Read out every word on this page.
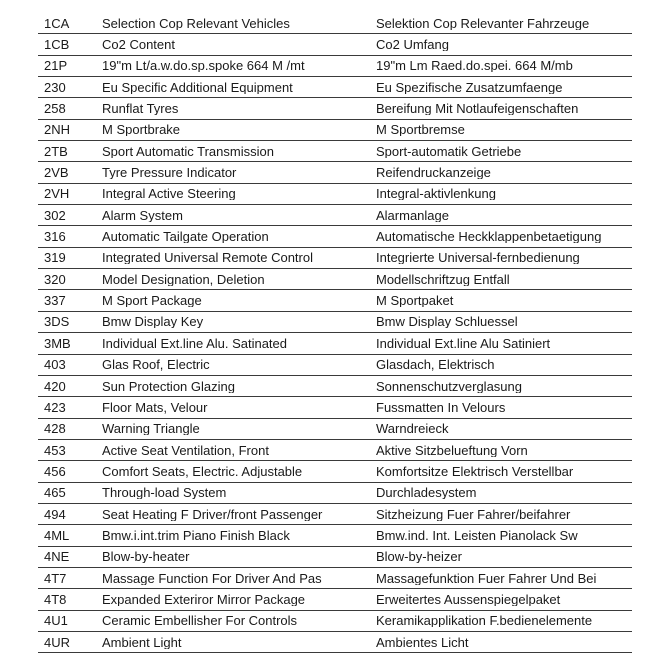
1CA	Selection Cop Relevant Vehicles	Selektion Cop Relevanter Fahrzeuge
1CB	Co2 Content	Co2 Umfang
21P	19"m Lt/a.w.do.sp.spoke 664 M /mt	19"m Lm Raed.do.spei. 664 M/mb
230	Eu Specific Additional Equipment	Eu Spezifische Zusatzumfaenge
258	Runflat Tyres	Bereifung Mit Notlaufeigenschaften
2NH	M Sportbrake	M Sportbremse
2TB	Sport Automatic Transmission	Sport-automatik Getriebe
2VB	Tyre Pressure Indicator	Reifendruckanzeige
2VH	Integral Active Steering	Integral-aktivlenkung
302	Alarm System	Alarmanlage
316	Automatic Tailgate Operation	Automatische Heckklappenbetaetigung
319	Integrated Universal Remote Control	Integrierte Universal-fernbedienung
320	Model Designation, Deletion	Modellschriftzug Entfall
337	M Sport Package	M Sportpaket
3DS	Bmw Display Key	Bmw Display Schluessel
3MB	Individual Ext.line Alu. Satinated	Individual Ext.line Alu Satiniert
403	Glas Roof, Electric	Glasdach, Elektrisch
420	Sun Protection Glazing	Sonnenschutzverglasung
423	Floor Mats, Velour	Fussmatten In Velours
428	Warning Triangle	Warndreieck
453	Active Seat Ventilation, Front	Aktive Sitzbelueftung Vorn
456	Comfort Seats, Electric. Adjustable	Komfortsitze Elektrisch Verstellbar
465	Through-load System	Durchladesystem
494	Seat Heating F Driver/front Passenger	Sitzheizung Fuer Fahrer/beifahrer
4ML	Bmw.i.int.trim Piano Finish Black	Bmw.ind. Int. Leisten Pianolack Sw
4NE	Blow-by-heater	Blow-by-heizer
4T7	Massage Function For Driver And Pas	Massagefunktion Fuer Fahrer Und Bei
4T8	Expanded Exteriror Mirror Package	Erweitertes Aussenspiegelpaket
4U1	Ceramic Embellisher For Controls	Keramikapplikation F.bedienelemente
4UR	Ambient Light	Ambientes Licht
